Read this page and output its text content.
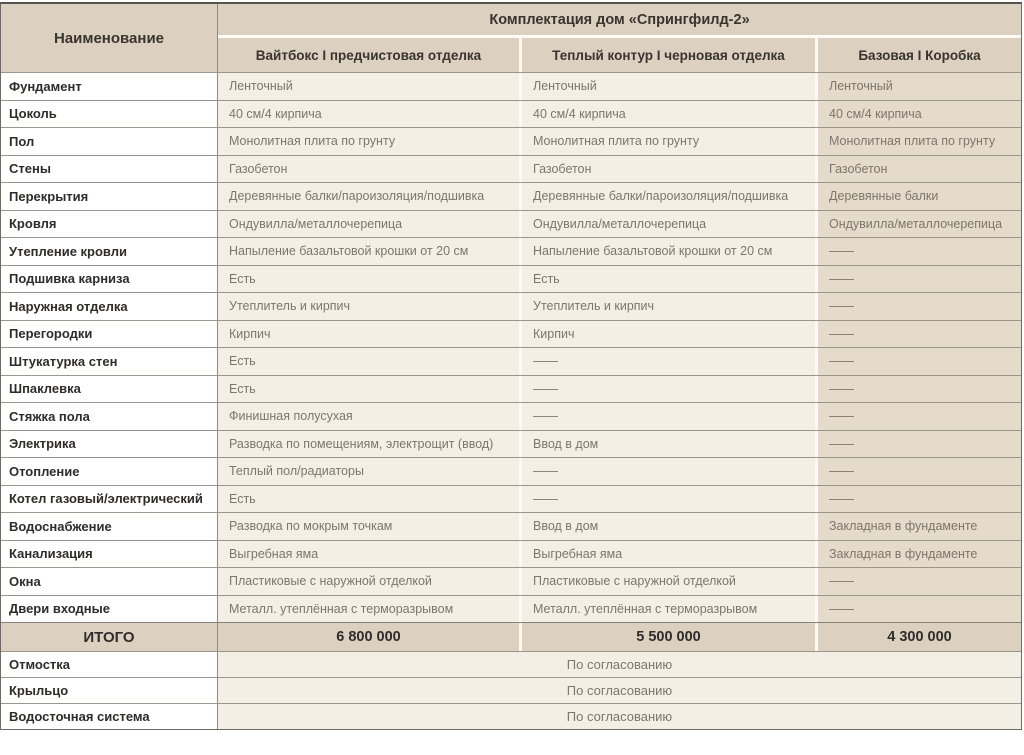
Наименование
Комплектация дом «Спрингфилд-2»
Вайтбокс I предчистовая отделка	Теплый контур I черновая отделка	Базовая I Коробка
Фундамент	Ленточный	Ленточный	Ленточный
Цоколь	40 см/4 кирпича	40 см/4 кирпича	40 см/4 кирпича
Пол	Монолитная плита по грунту	Монолитная плита по грунту	Монолитная плита по грунту
Стены	Газобетон	Газобетон	Газобетон
Перекрытия	Деревянные балки/пароизоляция/подшивка	Деревянные балки/пароизоляция/подшивка	Деревянные балки
Кровля	Ондувилла/металлочерепица	Ондувилла/металлочерепица	Ондувилла/металлочерепица
Утепление кровли	Напыление базальтовой крошки от 20 см	Напыление базальтовой крошки от 20 см	——
Подшивка карниза	Есть	Есть	——
Наружная отделка	Утеплитель и кирпич	Утеплитель и кирпич	——
Перегородки	Кирпич	Кирпич	——
Штукатурка стен	Есть	——	——
Шпаклевка	Есть	——	——
Стяжка пола	Финишная полусухая	——	——
Электрика	Разводка по помещениям, электрощит (ввод)	Ввод в дом	——
Отопление	Теплый пол/радиаторы	——	——
Котел газовый/электрический	Есть	——	——
Водоснабжение	Разводка по мокрым точкам	Ввод в дом	Закладная в фундаменте
Канализация	Выгребная яма	Выгребная яма	Закладная в фундаменте
Окна	Пластиковые с наружной отделкой	Пластиковые с наружной отделкой	——
Двери входные	Металл. утеплённая с терморазрывом	Металл. утеплённая с терморазрывом	——
ИТОГО	6 800 000	5 500 000	4 300 000
Отмостка	По согласованию
Крыльцо	По согласованию
Водосточная система	По согласованию
